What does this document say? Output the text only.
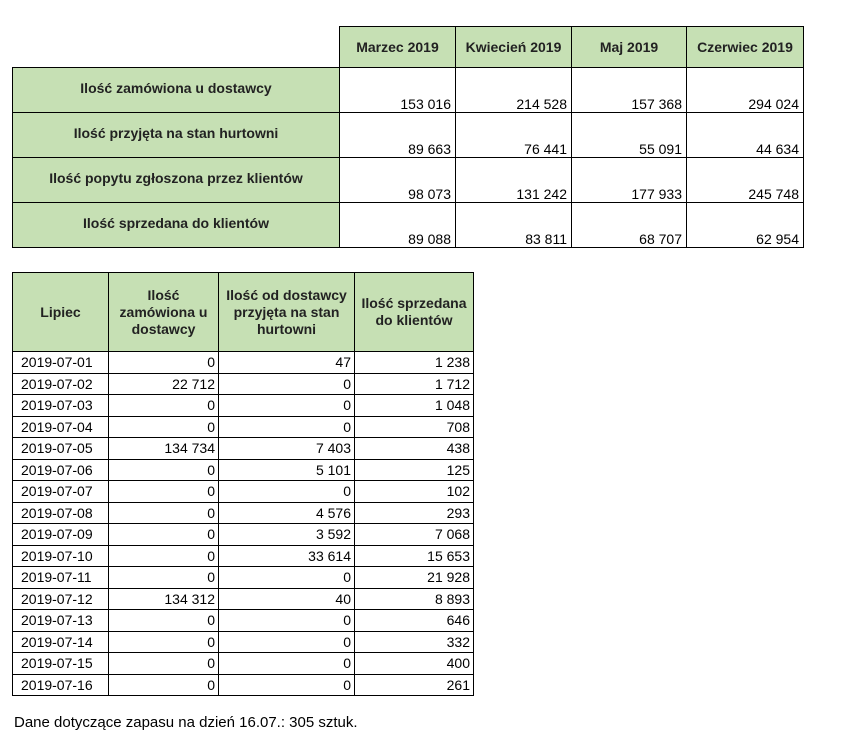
	Marzec 2019	Kwiecień 2019	Maj 2019	Czerwiec 2019
Ilość zamówiona u dostawcy	153 016	214 528	157 368	294 024
Ilość przyjęta na stan hurtowni	89 663	76 441	55 091	44 634
Ilość popytu zgłoszona przez klientów	98 073	131 242	177 933	245 748
Ilość sprzedana do klientów	89 088	83 811	68 707	62 954
Lipiec	Ilość zamówiona u dostawcy	Ilość od dostawcy przyjęta na stan hurtowni	Ilość sprzedana do klientów
2019-07-01	0	47	1 238
2019-07-02	22 712	0	1 712
2019-07-03	0	0	1 048
2019-07-04	0	0	708
2019-07-05	134 734	7 403	438
2019-07-06	0	5 101	125
2019-07-07	0	0	102
2019-07-08	0	4 576	293
2019-07-09	0	3 592	7 068
2019-07-10	0	33 614	15 653
2019-07-11	0	0	21 928
2019-07-12	134 312	40	8 893
2019-07-13	0	0	646
2019-07-14	0	0	332
2019-07-15	0	0	400
2019-07-16	0	0	261
Dane dotyczące zapasu na dzień 16.07.: 305 sztuk.
